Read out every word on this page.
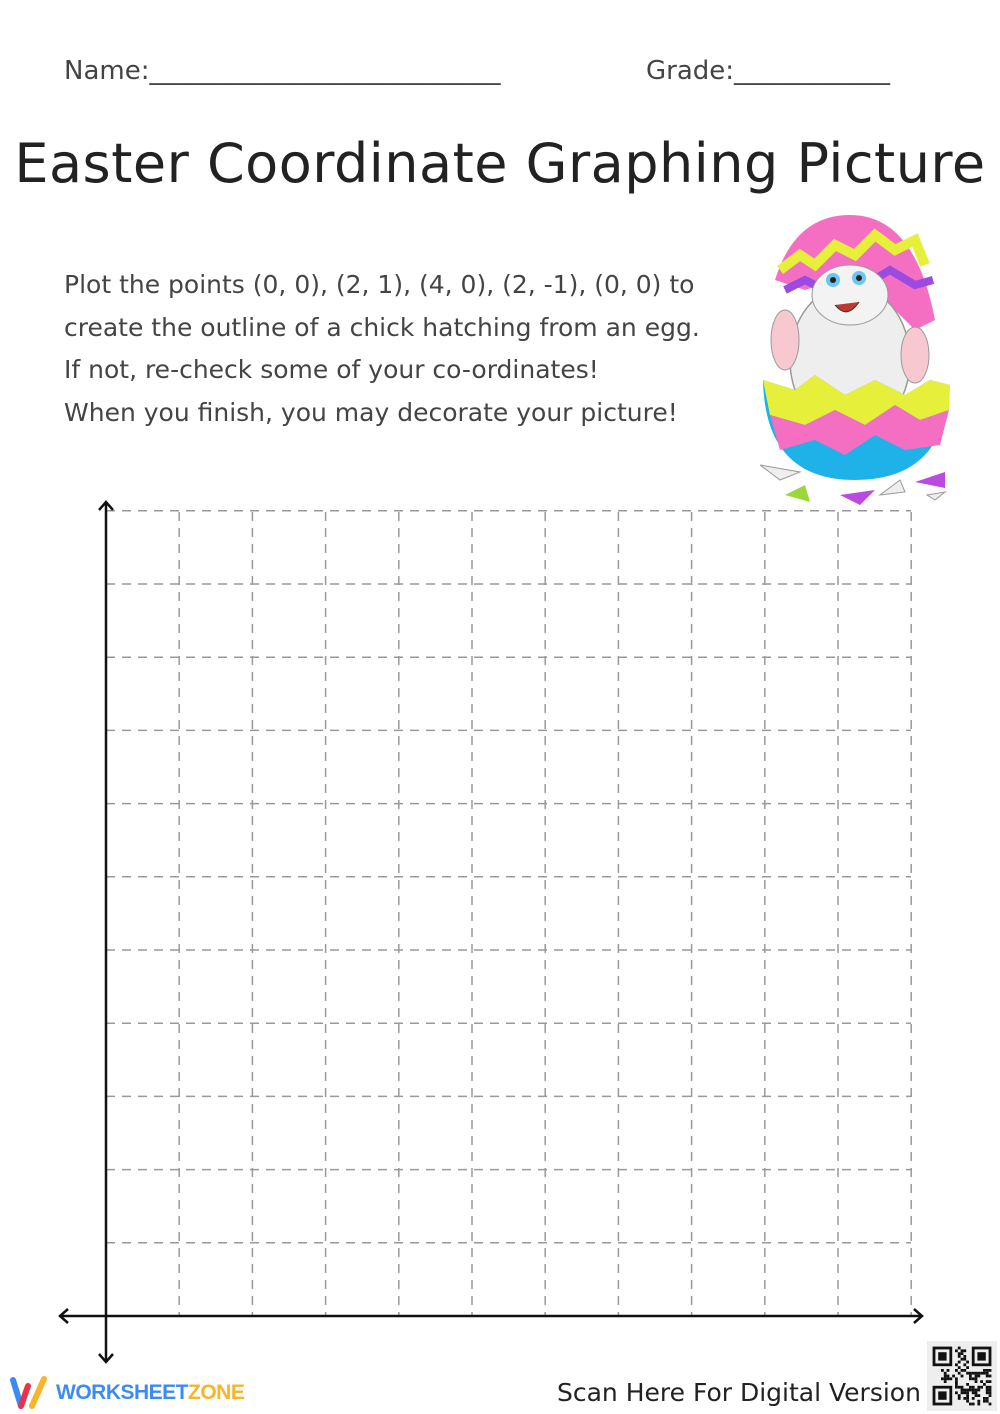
Name:___________________________	Grade:____________
Easter Coordinate Graphing Picture
Plot the points (0, 0), (2, 1), (4, 0), (2, -1), (0, 0) to
create the outline of a chick hatching from an egg.
If not, re-check some of your co-ordinates!
When you finish, you may decorate your picture!
WORKSHEETZONE	Scan Here For Digital Version
